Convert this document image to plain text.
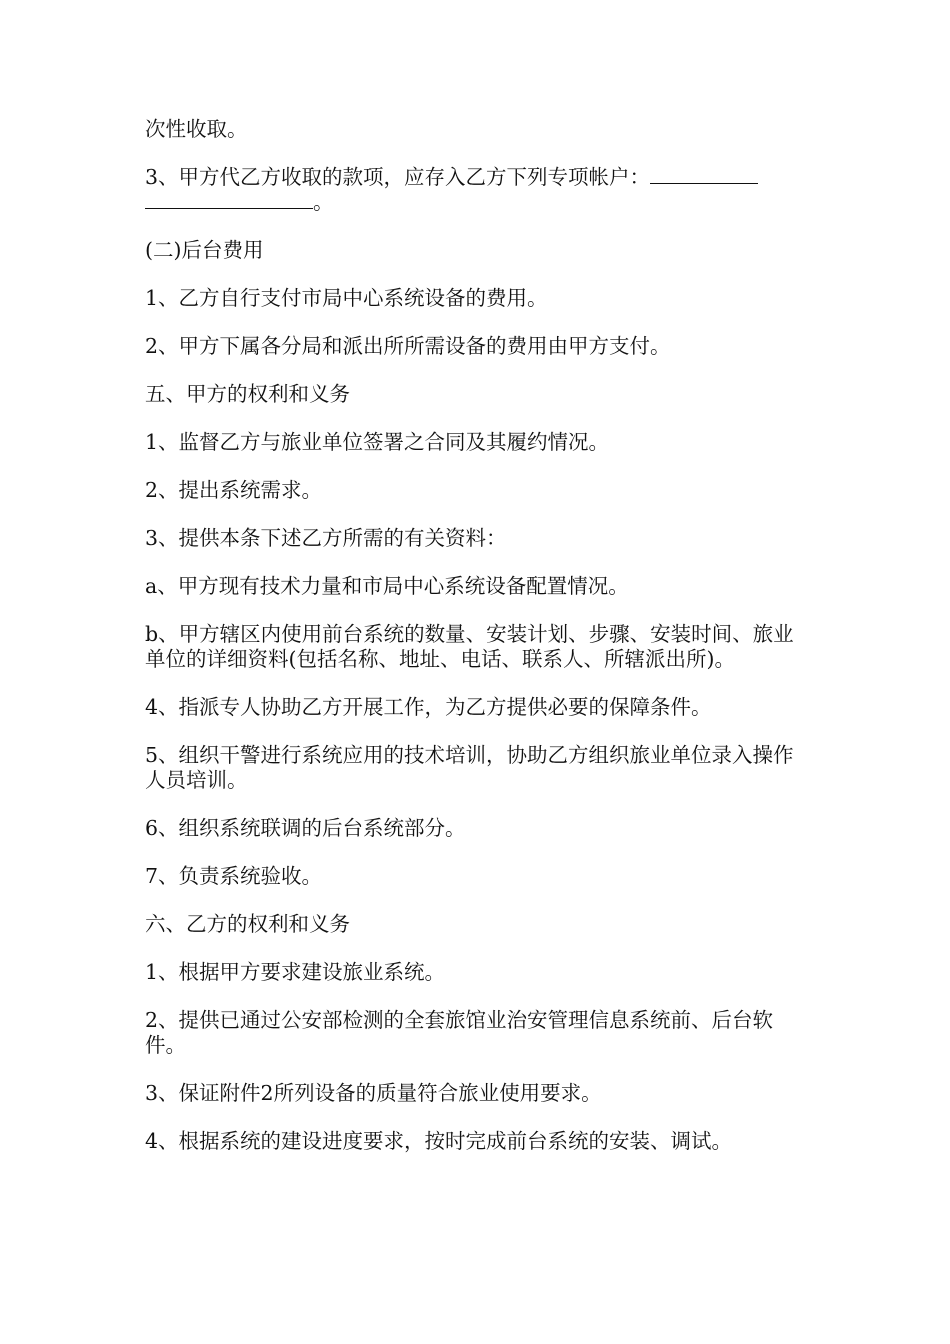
次性收取。

3、甲方代乙方收取的款项，应存入乙方下列专项帐户：
。

(二)后台费用

1、乙方自行支付市局中心系统设备的费用。

2、甲方下属各分局和派出所所需设备的费用由甲方支付。

五、甲方的权利和义务

1、监督乙方与旅业单位签署之合同及其履约情况。

2、提出系统需求。

3、提供本条下述乙方所需的有关资料：

a、甲方现有技术力量和市局中心系统设备配置情况。

b、甲方辖区内使用前台系统的数量、安装计划、步骤、安装时间、旅业单位的详细资料(包括名称、地址、电话、联系人、所辖派出所)。

4、指派专人协助乙方开展工作，为乙方提供必要的保障条件。

5、组织干警进行系统应用的技术培训，协助乙方组织旅业单位录入操作人员培训。

6、组织系统联调的后台系统部分。

7、负责系统验收。

六、乙方的权利和义务

1、根据甲方要求建设旅业系统。

2、提供已通过公安部检测的全套旅馆业治安管理信息系统前、后台软件。

3、保证附件2所列设备的质量符合旅业使用要求。

4、根据系统的建设进度要求，按时完成前台系统的安装、调试。
